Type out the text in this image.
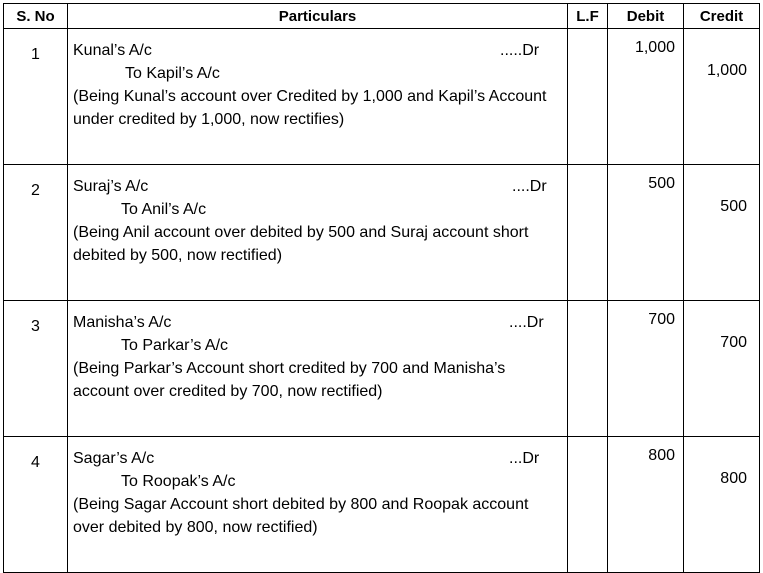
S. No	Particulars	L.F	Debit	Credit
1	Kunal’s A/c .....Dr
To Kapil’s A/c
(Being Kunal’s account over Credited by 1,000 and Kapil’s Account under credited by 1,000, now rectifies)		1,000	1,000
2	Suraj’s A/c ....Dr
To Anil’s A/c
(Being Anil account over debited by 500 and Suraj account short debited by 500, now rectified)		500	500
3	Manisha’s A/c ....Dr
To Parkar’s A/c
(Being Parkar’s Account short credited by 700 and Manisha’s account over credited by 700, now rectified)		700	700
4	Sagar’s A/c ...Dr
To Roopak’s A/c
(Being Sagar Account short debited by 800 and Roopak account over debited by 800, now rectified)		800	800
